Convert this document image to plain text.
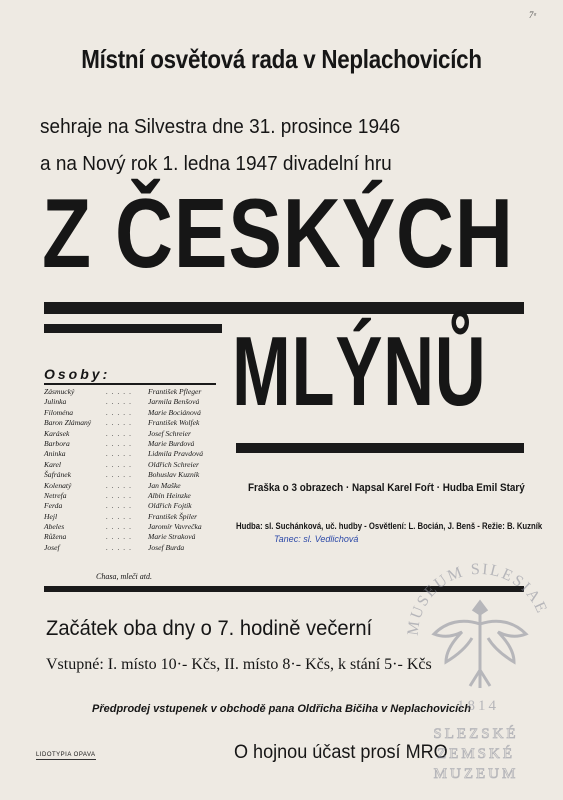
7ᵃ
Místní osvětová rada v Neplachovicích
sehraje na Silvestra dne 31. prosince 1946
a na Nový rok 1. ledna 1947 divadelní hru
Z ČESKÝCH
MLÝNŮ
Osoby:
Zásmucký	. . . . .	František Pfleger
Julinka	. . . . .	Jarmila Benšová
Filoména	. . . . .	Marie Bociánová
Baron Zlámaný	. . . . .	František Wolfek
Karásek	. . . . .	Josef Schreier
Barbora	. . . . .	Marie Burdová
Aninka	. . . . .	Lidmila Pravdová
Karel	. . . . .	Oldřich Schreier
Šafránek	. . . . .	Bohuslav Kuzník
Kolenatý	. . . . .	Jan Maške
Netrefa	. . . . .	Albín Heinzke
Ferda	. . . . .	Oldřich Fojtík
Hejl	. . . . .	František Špiler
Abeles	. . . . .	Jaromír Vavrečka
Růžena	. . . . .	Marie Straková
Josef	. . . . .	Josef Burda
Chasa, mleči atd.
Fraška o 3 obrazech · Napsal Karel Foŕt · Hudba Emil Starý
Hudba: sl. Suchánková, uč. hudby - Osvětlení: L. Bocián, J. Benš - Režie: B. Kuzník
Tanec: sl. Vedlichová
Začátek oba dny o 7. hodině večerní
Vstupné: I. místo 10·- Kčs, II. místo 8·- Kčs, k stání 5·- Kčs
Předprodej vstupenek v obchodě pana Oldřicha Bičiha v Neplachovicích
LIDOTYPIA OPAVA	O hojnou účast prosí MRO
MUSEUM SILESIAE
1814
SLEZSKÉ
ZEMSKÉ
MUZEUM
